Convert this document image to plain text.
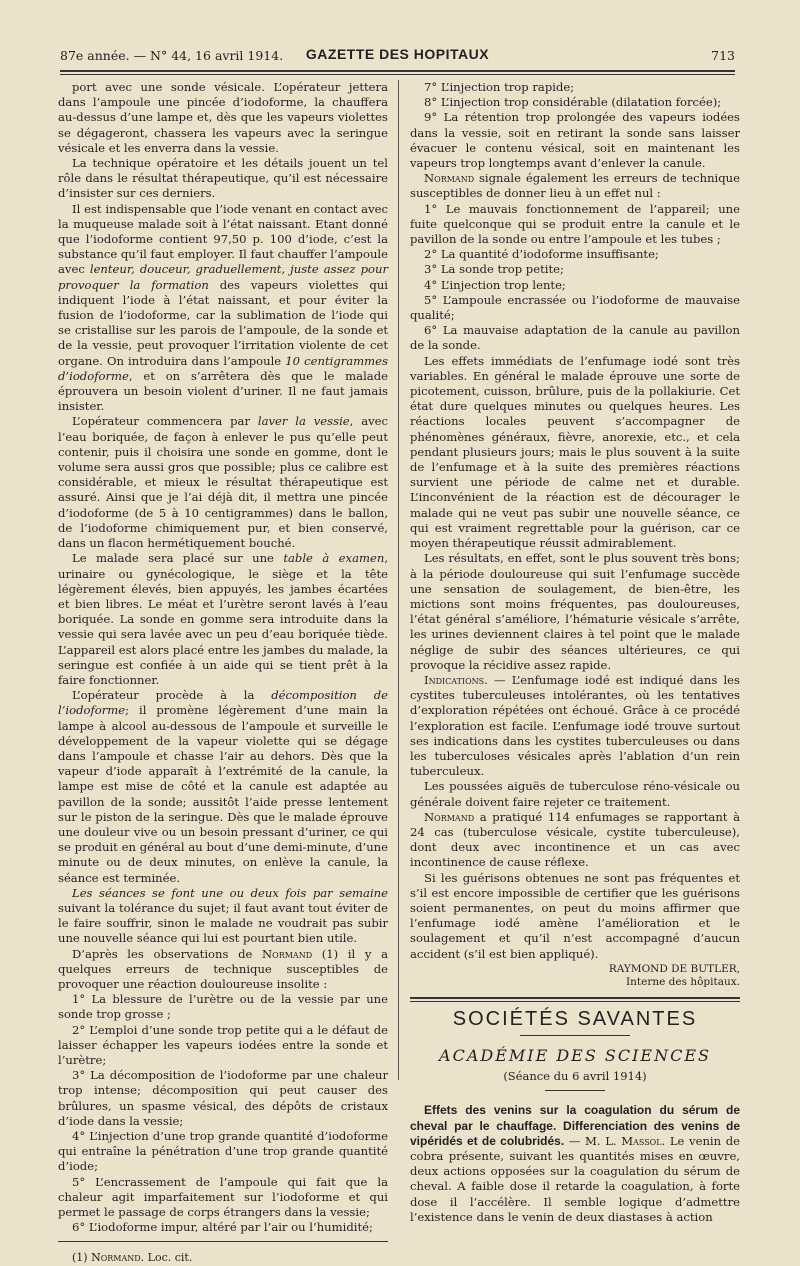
87e année. — N° 44, 16 avril 1914.	GAZETTE DES HOPITAUX	713

port avec une sonde vésicale. L’opérateur jettera dans l’ampoule une pincée d’iodoforme, la chauffera au-dessus d’une lampe et, dès que les vapeurs violettes se dégageront, chassera les vapeurs avec la seringue vésicale et les enverra dans la vessie.

La technique opératoire et les détails jouent un tel rôle dans le résultat thérapeutique, qu’il est nécessaire d’insister sur ces derniers.

Il est indispensable que l’iode venant en contact avec la muqueuse malade soit à l’état naissant. Etant donné que l’iodoforme contient 97,50 p. 100 d’iode, c’est la substance qu’il faut employer. Il faut chauffer l’ampoule avec lenteur, douceur, graduellement, juste assez pour provoquer la formation des vapeurs violettes qui indiquent l’iode à l’état naissant, et pour éviter la fusion de l’iodoforme, car la sublimation de l’iode qui se cristallise sur les parois de l’ampoule, de la sonde et de la vessie, peut provoquer l’irritation violente de cet organe. On introduira dans l’ampoule 10 centigrammes d’iodoforme, et on s’arrêtera dès que le malade éprouvera un besoin violent d’uriner. Il ne faut jamais insister.

L’opérateur commencera par laver la vessie, avec l’eau boriquée, de façon à enlever le pus qu’elle peut contenir, puis il choisira une sonde en gomme, dont le volume sera aussi gros que possible; plus ce calibre est considérable, et mieux le résultat thérapeutique est assuré. Ainsi que je l’ai déjà dit, il mettra une pincée d’iodoforme (de 5 à 10 centigrammes) dans le ballon, de l’iodoforme chimiquement pur, et bien conservé, dans un flacon hermétiquement bouché.

Le malade sera placé sur une table à examen, urinaire ou gynécologique, le siège et la tête légèrement élevés, bien appuyés, les jambes écartées et bien libres. Le méat et l’urètre seront lavés à l’eau boriquée. La sonde en gomme sera introduite dans la vessie qui sera lavée avec un peu d’eau boriquée tiède. L’appareil est alors placé entre les jambes du malade, la seringue est confiée à un aide qui se tient prêt à la faire fonctionner.

L’opérateur procède à la décomposition de l’iodoforme; il promène légèrement d’une main la lampe à alcool au-dessous de l’ampoule et surveille le développement de la vapeur violette qui se dégage dans l’ampoule et chasse l’air au dehors. Dès que la vapeur d’iode apparaît à l’extrémité de la canule, la lampe est mise de côté et la canule est adaptée au pavillon de la sonde; aussitôt l’aide presse lentement sur le piston de la seringue. Dès que le malade éprouve une douleur vive ou un besoin pressant d’uriner, ce qui se produit en général au bout d’une demi-minute, d’une minute ou de deux minutes, on enlève la canule, la séance est terminée.

Les séances se font une ou deux fois par semaine suivant la tolérance du sujet; il faut avant tout éviter de le faire souffrir, sinon le malade ne voudrait pas subir une nouvelle séance qui lui est pourtant bien utile.

D’après les observations de Normand (1) il y a quelques erreurs de technique susceptibles de provoquer une réaction douloureuse insolite :

1° La blessure de l’urètre ou de la vessie par une sonde trop grosse ;

2° L’emploi d’une sonde trop petite qui a le défaut de laisser échapper les vapeurs iodées entre la sonde et l’urètre;

3° La décomposition de l’iodoforme par une chaleur trop intense; décomposition qui peut causer des brûlures, un spasme vésical, des dépôts de cristaux d’iode dans la vessie;

4° L’injection d’une trop grande quantité d’iodoforme qui entraîne la pénétration d’une trop grande quantité d’iode;

5° L’encrassement de l’ampoule qui fait que la chaleur agit imparfaitement sur l’iodoforme et qui permet le passage de corps étrangers dans la vessie;

6° L’iodoforme impur, altéré par l’air ou l’humidité;

(1) Normand. Loc. cit.

7° L’injection trop rapide;

8° L’injection trop considérable (dilatation forcée);

9° La rétention trop prolongée des vapeurs iodées dans la vessie, soit en retirant la sonde sans laisser évacuer le contenu vésical, soit en maintenant les vapeurs trop longtemps avant d’enlever la canule.

Normand signale également les erreurs de technique susceptibles de donner lieu à un effet nul :

1° Le mauvais fonctionnement de l’appareil; une fuite quelconque qui se produit entre la canule et le pavillon de la sonde ou entre l’ampoule et les tubes ;

2° La quantité d’iodoforme insuffisante;

3° La sonde trop petite;

4° L’injection trop lente;

5° L’ampoule encrassée ou l’iodoforme de mauvaise qualité;

6° La mauvaise adaptation de la canule au pavillon de la sonde.

Les effets immédiats de l’enfumage iodé sont très variables. En général le malade éprouve une sorte de picotement, cuisson, brûlure, puis de la pollakiurie. Cet état dure quelques minutes ou quelques heures. Les réactions locales peuvent s’accompagner de phénomènes généraux, fièvre, anorexie, etc., et cela pendant plusieurs jours; mais le plus souvent à la suite de l’enfumage et à la suite des premières réactions survient une période de calme net et durable. L’inconvénient de la réaction est de décourager le malade qui ne veut pas subir une nouvelle séance, ce qui est vraiment regrettable pour la guérison, car ce moyen thérapeutique réussit admirablement.

Les résultats, en effet, sont le plus souvent très bons; à la période douloureuse qui suit l’enfumage succède une sensation de soulagement, de bien-être, les mictions sont moins fréquentes, pas douloureuses, l’état général s’améliore, l’hématurie vésicale s’arrête, les urines deviennent claires à tel point que le malade néglige de subir des séances ultérieures, ce qui provoque la récidive assez rapide.

Indications. — L’enfumage iodé est indiqué dans les cystites tuberculeuses intolérantes, où les tentatives d’exploration répétées ont échoué. Grâce à ce procédé l’exploration est facile. L’enfumage iodé trouve surtout ses indications dans les cystites tuberculeuses ou dans les tuberculoses vésicales après l’ablation d’un rein tuberculeux.

Les poussées aiguës de tuberculose réno-vésicale ou générale doivent faire rejeter ce traitement.

Normand a pratiqué 114 enfumages se rapportant à 24 cas (tuberculose vésicale, cystite tuberculeuse), dont deux avec incontinence et un cas avec incontinence de cause réflexe.

Si les guérisons obtenues ne sont pas fréquentes et s’il est encore impossible de certifier que les guérisons soient permanentes, on peut du moins affirmer que l’enfumage iodé amène l’amélioration et le soulagement et qu’il n’est accompagné d’aucun accident (s’il est bien appliqué).

RAYMOND DE BUTLER,
Interne des hôpitaux.
SOCIÉTÉS SAVANTES
ACADÉMIE DES SCIENCES
(Séance du 6 avril 1914)

Effets des venins sur la coagulation du sérum de cheval par le chauffage. Differenciation des venins de vipéridés et de colubridés. — M. L. Massol. Le venin de cobra présente, suivant les quantités mises en œuvre, deux actions opposées sur la coagulation du sérum de cheval. A faible dose il retarde la coagulation, à forte dose il l’accélère. Il semble logique d’admettre l’existence dans le venin de deux diastases à action
